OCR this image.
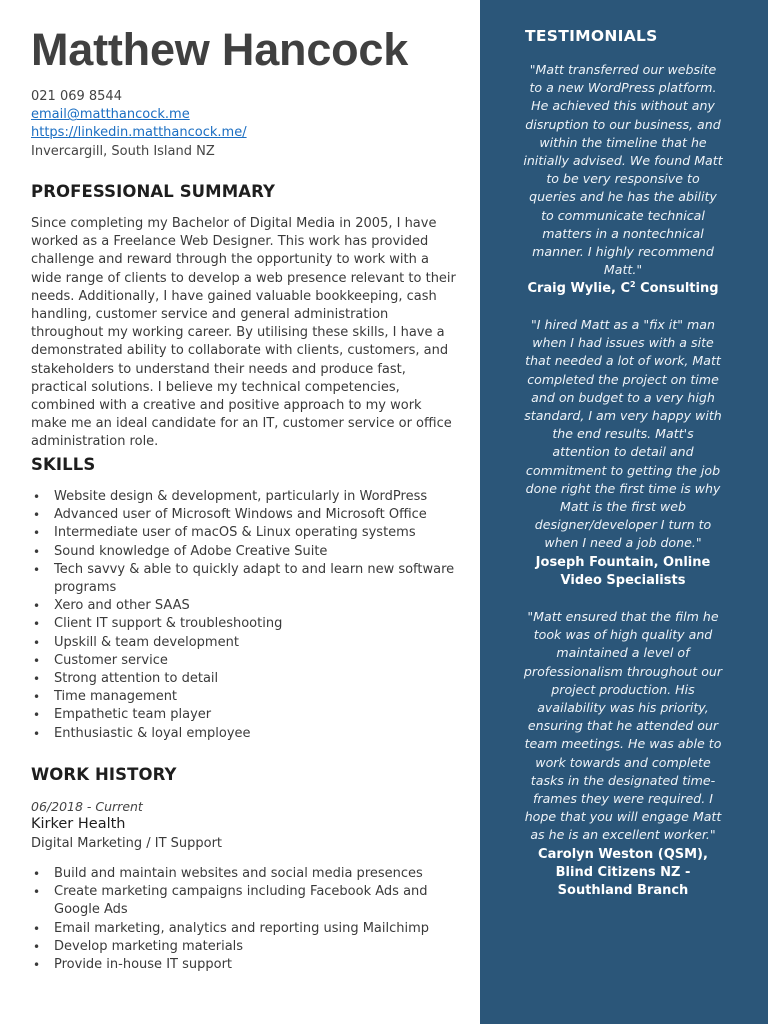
Matthew Hancock
021 069 8544
email@matthancock.me
https://linkedin.matthancock.me/
Invercargill, South Island NZ
PROFESSIONAL SUMMARY
Since completing my Bachelor of Digital Media in 2005, I have worked as a Freelance Web Designer. This work has provided challenge and reward through the opportunity to work with a wide range of clients to develop a web presence relevant to their needs. Additionally, I have gained valuable bookkeeping, cash handling, customer service and general administration throughout my working career. By utilising these skills, I have a demonstrated ability to collaborate with clients, customers, and stakeholders to understand their needs and produce fast, practical solutions. I believe my technical competencies, combined with a creative and positive approach to my work make me an ideal candidate for an IT, customer service or office administration role.
SKILLS
• Website design & development, particularly in WordPress
• Advanced user of Microsoft Windows and Microsoft Office
• Intermediate user of macOS & Linux operating systems
• Sound knowledge of Adobe Creative Suite
• Tech savvy & able to quickly adapt to and learn new software programs
• Xero and other SAAS
• Client IT support & troubleshooting
• Upskill & team development
• Customer service
• Strong attention to detail
• Time management
• Empathetic team player
• Enthusiastic & loyal employee
WORK HISTORY
06/2018 - Current
Kirker Health
Digital Marketing / IT Support
• Build and maintain websites and social media presences
• Create marketing campaigns including Facebook Ads and Google Ads
• Email marketing, analytics and reporting using Mailchimp
• Develop marketing materials
• Provide in-house IT support
TESTIMONIALS
"Matt transferred our website to a new WordPress platform. He achieved this without any disruption to our business, and within the timeline that he initially advised. We found Matt to be very responsive to queries and he has the ability to communicate technical matters in a nontechnical manner. I highly recommend Matt."
Craig Wylie, $C^2$ Consulting
"I hired Matt as a "fix it" man when I had issues with a site that needed a lot of work, Matt completed the project on time and on budget to a very high standard, I am very happy with the end results. Matt's attention to detail and commitment to getting the job done right the first time is why Matt is the first web designer/developer I turn to when I need a job done."
Joseph Fountain, Online Video Specialists
"Matt ensured that the film he took was of high quality and maintained a level of professionalism throughout our project production. His availability was his priority, ensuring that he attended our team meetings. He was able to work towards and complete tasks in the designated time-frames they were required. I hope that you will engage Matt as he is an excellent worker."
Carolyn Weston (QSM), Blind Citizens NZ - Southland Branch
